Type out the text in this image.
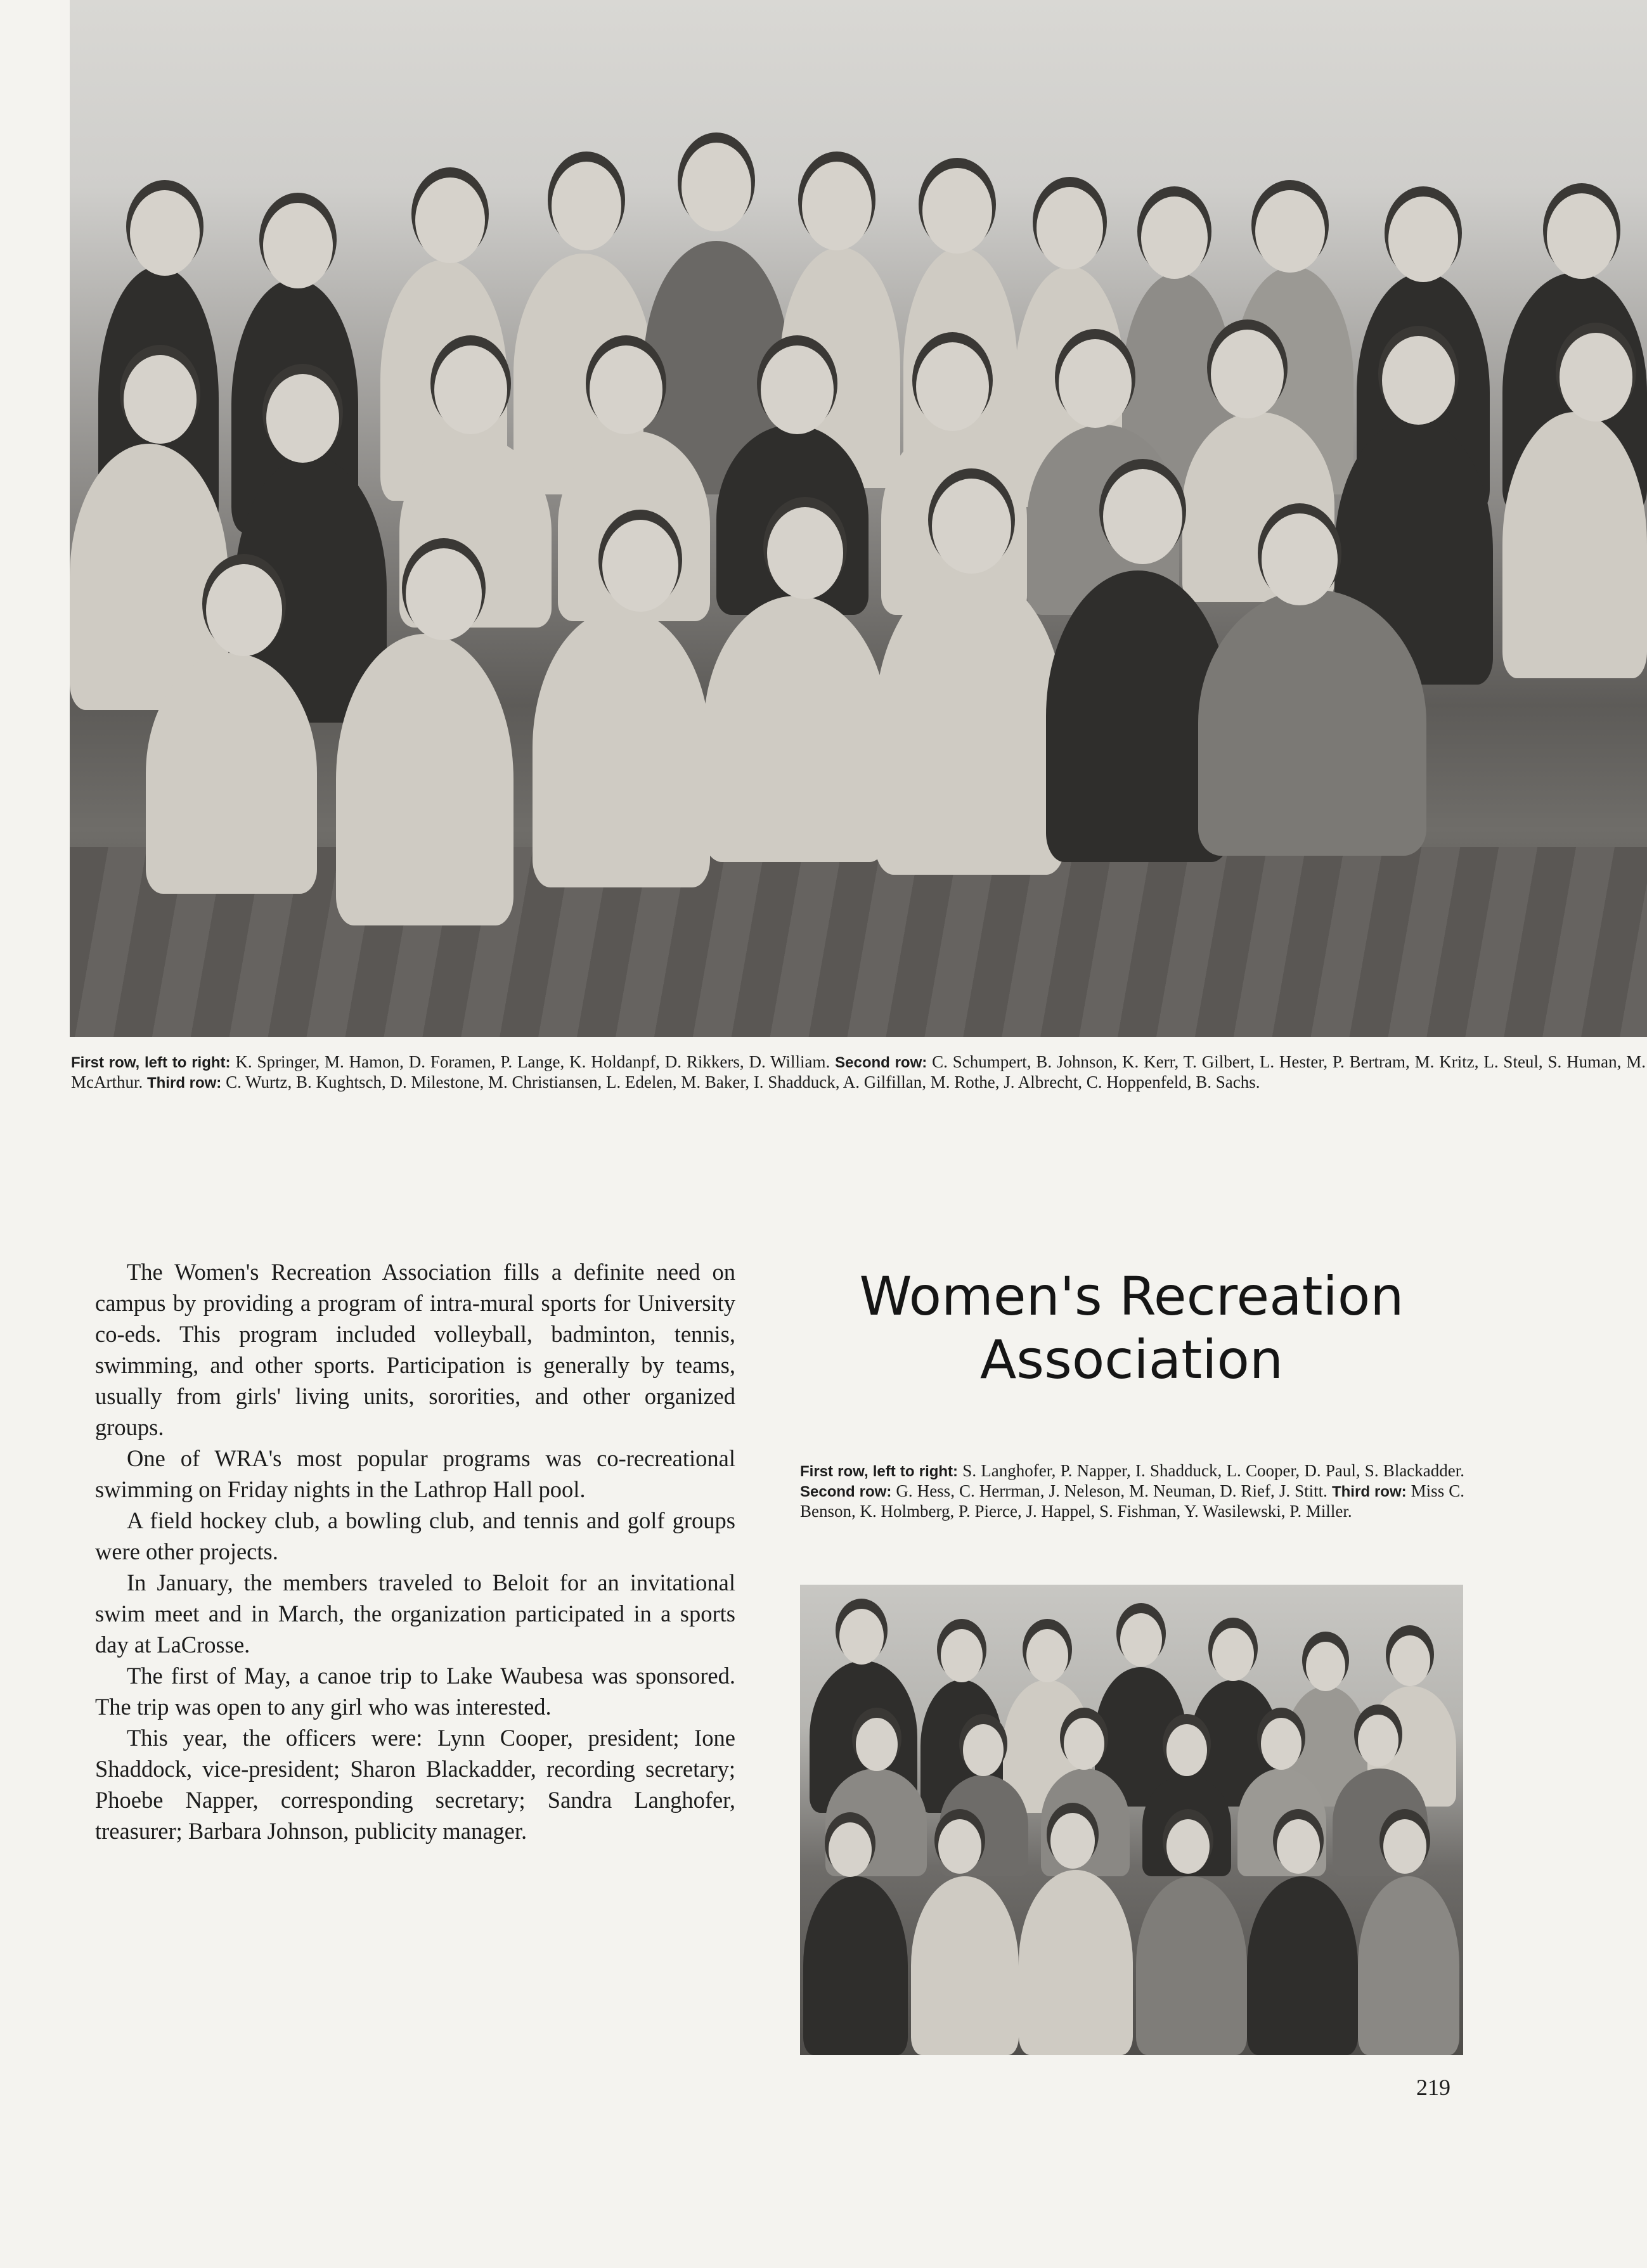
First row, left to right: K. Springer, M. Hamon, D. Foramen, P. Lange, K. Holdanpf, D. Rikkers, D. William. Second row: C. Schumpert, B. Johnson, K. Kerr, T. Gilbert, L. Hester, P. Bertram, M. Kritz, L. Steul, S. Human, M. McArthur. Third row: C. Wurtz, B. Kughtsch, D. Milestone, M. Christiansen, L. Edelen, M. Baker, I. Shadduck, A. Gilfillan, M. Rothe, J. Albrecht, C. Hoppenfeld, B. Sachs.

The Women's Recreation Association fills a definite need on campus by providing a program of intra-mural sports for University co-eds. This program included volleyball, badminton, tennis, swimming, and other sports. Participation is generally by teams, usually from girls' living units, sororities, and other organized groups.

One of WRA's most popular programs was co-recreational swimming on Friday nights in the Lathrop Hall pool.

A field hockey club, a bowling club, and tennis and golf groups were other projects.

In January, the members traveled to Beloit for an invitational swim meet and in March, the organization participated in a sports day at LaCrosse.

The first of May, a canoe trip to Lake Waubesa was sponsored. The trip was open to any girl who was interested.

This year, the officers were: Lynn Cooper, president; Ione Shaddock, vice-president; Sharon Blackadder, recording secretary; Phoebe Napper, corresponding secretary; Sandra Langhofer, treasurer; Barbara Johnson, publicity manager.

Women's Recreation
Association
First row, left to right: S. Langhofer, P. Napper, I. Shadduck, L. Cooper, D. Paul, S. Blackadder. Second row: G. Hess, C. Herrman, J. Neleson, M. Neuman, D. Rief, J. Stitt. Third row: Miss C. Benson, K. Holmberg, P. Pierce, J. Happel, S. Fishman, Y. Wasilewski, P. Miller.
219
